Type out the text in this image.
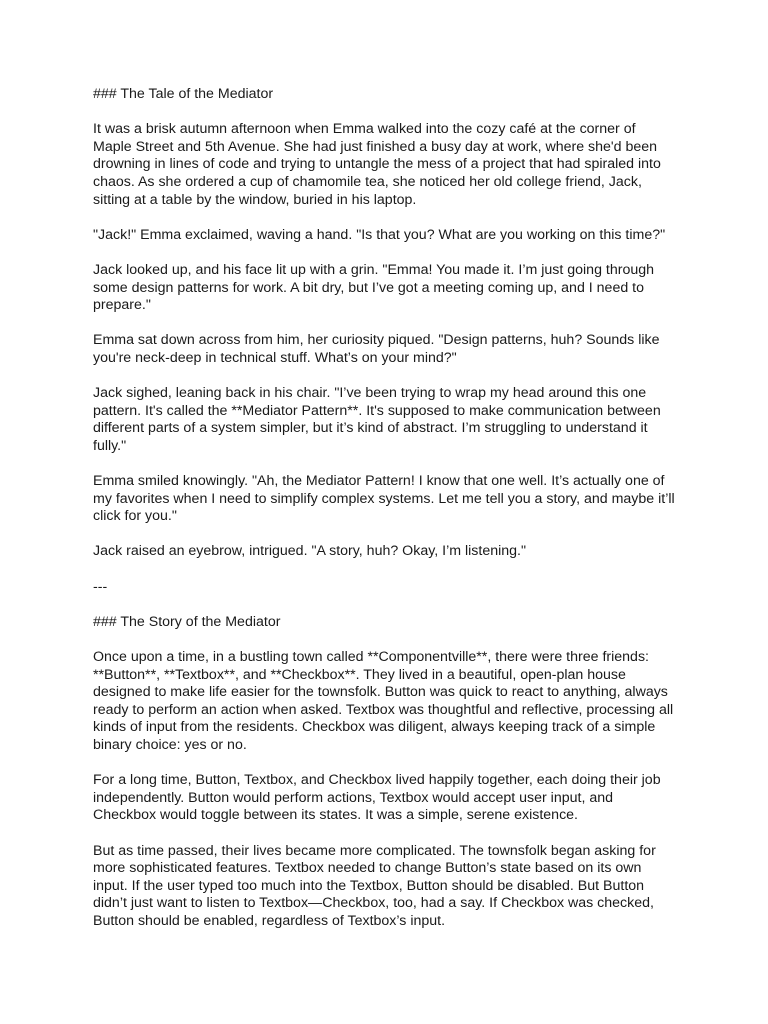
### The Tale of the Mediator

It was a brisk autumn afternoon when Emma walked into the cozy café at the corner of
Maple Street and 5th Avenue. She had just finished a busy day at work, where she'd been
drowning in lines of code and trying to untangle the mess of a project that had spiraled into
chaos. As she ordered a cup of chamomile tea, she noticed her old college friend, Jack,
sitting at a table by the window, buried in his laptop.

"Jack!" Emma exclaimed, waving a hand. "Is that you? What are you working on this time?"

Jack looked up, and his face lit up with a grin. "Emma! You made it. I’m just going through
some design patterns for work. A bit dry, but I’ve got a meeting coming up, and I need to
prepare."

Emma sat down across from him, her curiosity piqued. "Design patterns, huh? Sounds like
you're neck-deep in technical stuff. What’s on your mind?"

Jack sighed, leaning back in his chair. "I’ve been trying to wrap my head around this one
pattern. It's called the **Mediator Pattern**. It's supposed to make communication between
different parts of a system simpler, but it’s kind of abstract. I’m struggling to understand it
fully."

Emma smiled knowingly. "Ah, the Mediator Pattern! I know that one well. It’s actually one of
my favorites when I need to simplify complex systems. Let me tell you a story, and maybe it’ll
click for you."

Jack raised an eyebrow, intrigued. "A story, huh? Okay, I’m listening."

---

### The Story of the Mediator

Once upon a time, in a bustling town called **Componentville**, there were three friends:
**Button**, **Textbox**, and **Checkbox**. They lived in a beautiful, open-plan house
designed to make life easier for the townsfolk. Button was quick to react to anything, always
ready to perform an action when asked. Textbox was thoughtful and reflective, processing all
kinds of input from the residents. Checkbox was diligent, always keeping track of a simple
binary choice: yes or no.

For a long time, Button, Textbox, and Checkbox lived happily together, each doing their job
independently. Button would perform actions, Textbox would accept user input, and
Checkbox would toggle between its states. It was a simple, serene existence.

But as time passed, their lives became more complicated. The townsfolk began asking for
more sophisticated features. Textbox needed to change Button’s state based on its own
input. If the user typed too much into the Textbox, Button should be disabled. But Button
didn’t just want to listen to Textbox—Checkbox, too, had a say. If Checkbox was checked,
Button should be enabled, regardless of Textbox’s input.
